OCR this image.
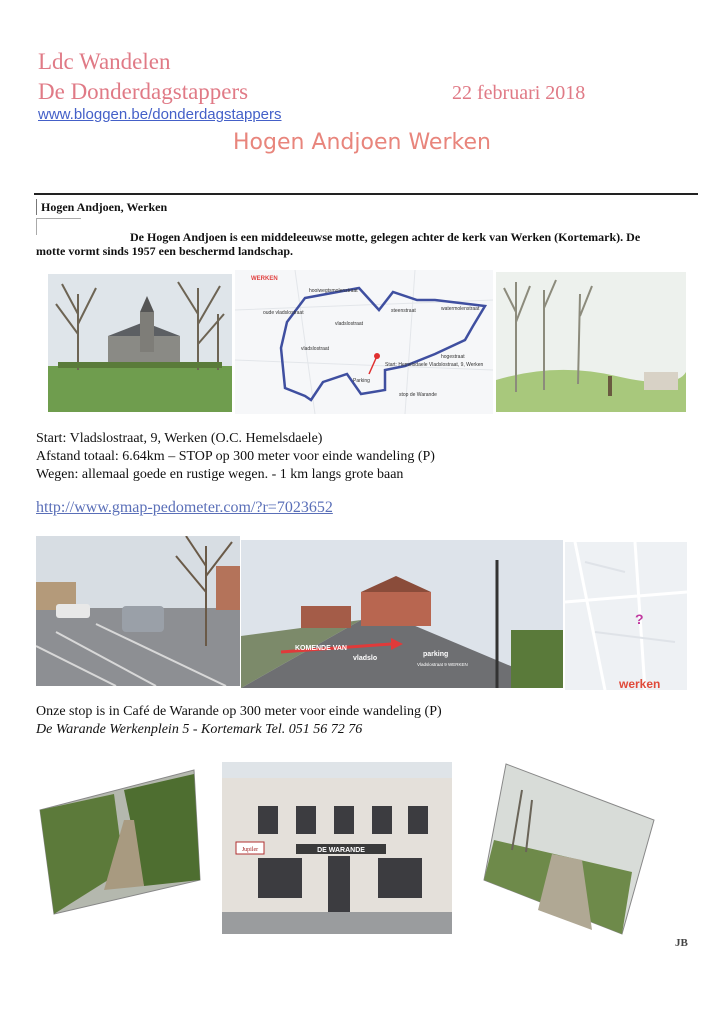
Ldc Wandelen
De Donderdagstappers	22 februari 2018
www.bloggen.be/donderdagstappers
Hogen Andjoen Werken
Hogen Andjoen, Werken
De Hogen Andjoen is een middeleeuwse motte, gelegen achter de kerk van Werken (Kortemark). De motte vormt sinds 1957 een beschermd landschap.
WERKEN
hooiwegtsmolenstraat
steenstraat	watermolenstraat
oude vladslostraat
vladslostraat
vladslostraat
hogestraat
Start: Hemelsdaele Vladslostraat, 9, Werken
Parking
stop de Warande
Start: Vladslostraat, 9, Werken (O.C. Hemelsdaele)
Afstand totaal: 6.64km – STOP op 300 meter voor einde wandeling (P)
Wegen: allemaal goede en rustige wegen. - 1 km langs grote baan
http://www.gmap-pedometer.com/?r=7023652
KOMENDE VAN
vladslo
parking
Vladslostraat 9 WERKEN
?
werken
Onze stop is in Café de Warande op 300 meter voor einde wandeling (P)
De Warande Werkenplein 5 - Kortemark Tel. 051 56 72 76
DE WARANDE
Jupiler
JB
